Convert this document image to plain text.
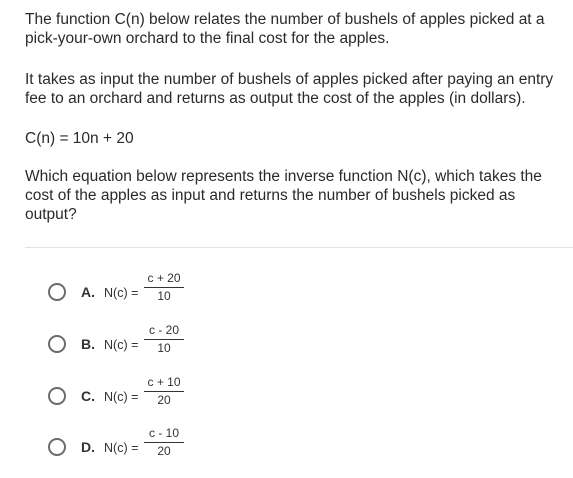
The function C(n) below relates the number of bushels of apples picked at a pick-your-own orchard to the final cost for the apples.

It takes as input the number of bushels of apples picked after paying an entry fee to an orchard and returns as output the cost of the apples (in dollars).

C(n) = 10n + 20

Which equation below represents the inverse function N(c), which takes the cost of the apples as input and returns the number of bushels picked as output?

A. $N(c) = \frac{c + 20}{10}$
B. $N(c) = \frac{c - 20}{10}$
C. $N(c) = \frac{c + 10}{20}$
D. $N(c) = \frac{c - 10}{20}$
